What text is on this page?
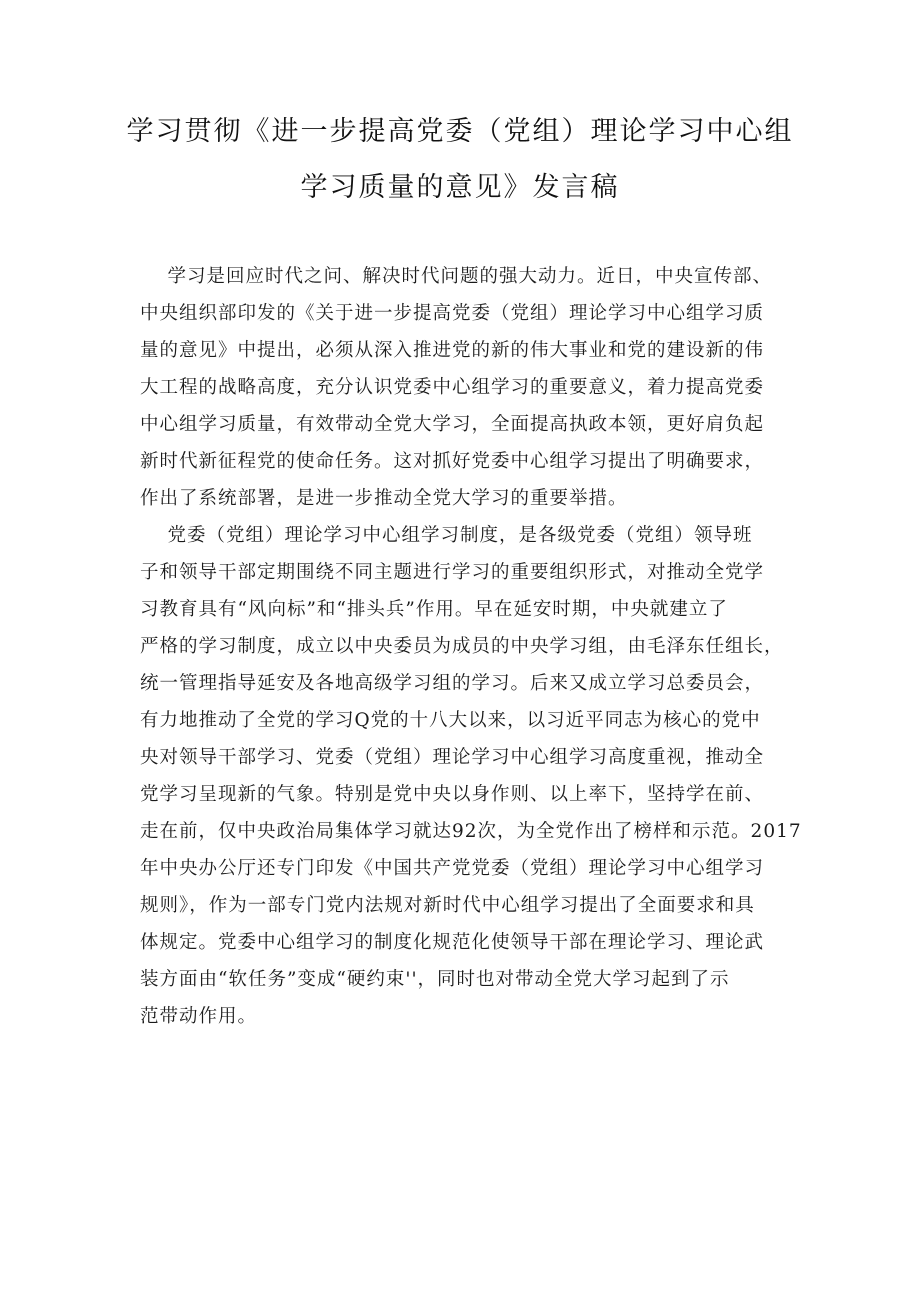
学习贯彻《进一步提高党委（党组）理论学习中心组
学习质量的意见》发言稿
学习是回应时代之问、解决时代问题的强大动力。近日，中央宣传部、
中央组织部印发的《关于进一步提高党委（党组）理论学习中心组学习质
量的意见》中提出，必须从深入推进党的新的伟大事业和党的建设新的伟
大工程的战略高度，充分认识党委中心组学习的重要意义，着力提高党委
中心组学习质量，有效带动全党大学习，全面提高执政本领，更好肩负起
新时代新征程党的使命任务。这对抓好党委中心组学习提出了明确要求，
作出了系统部署，是进一步推动全党大学习的重要举措。
党委（党组）理论学习中心组学习制度，是各级党委（党组）领导班
子和领导干部定期围绕不同主题进行学习的重要组织形式，对推动全党学
习教育具有“风向标”和“排头兵”作用。早在延安时期，中央就建立了
严格的学习制度，成立以中央委员为成员的中央学习组，由毛泽东任组长，
统一管理指导延安及各地高级学习组的学习。后来又成立学习总委员会，
有力地推动了全党的学习Q党的十八大以来，以习近平同志为核心的党中
央对领导干部学习、党委（党组）理论学习中心组学习高度重视，推动全
党学习呈现新的气象。特别是党中央以身作则、以上率下，坚持学在前、
走在前，仅中央政治局集体学习就达92次，为全党作出了榜样和示范。2017
年中央办公厅还专门印发《中国共产党党委（党组）理论学习中心组学习
规则》，作为一部专门党内法规对新时代中心组学习提出了全面要求和具
体规定。党委中心组学习的制度化规范化使领导干部在理论学习、理论武
装方面由“软任务”变成“硬约束''，同时也对带动全党大学习起到了示
范带动作用。
